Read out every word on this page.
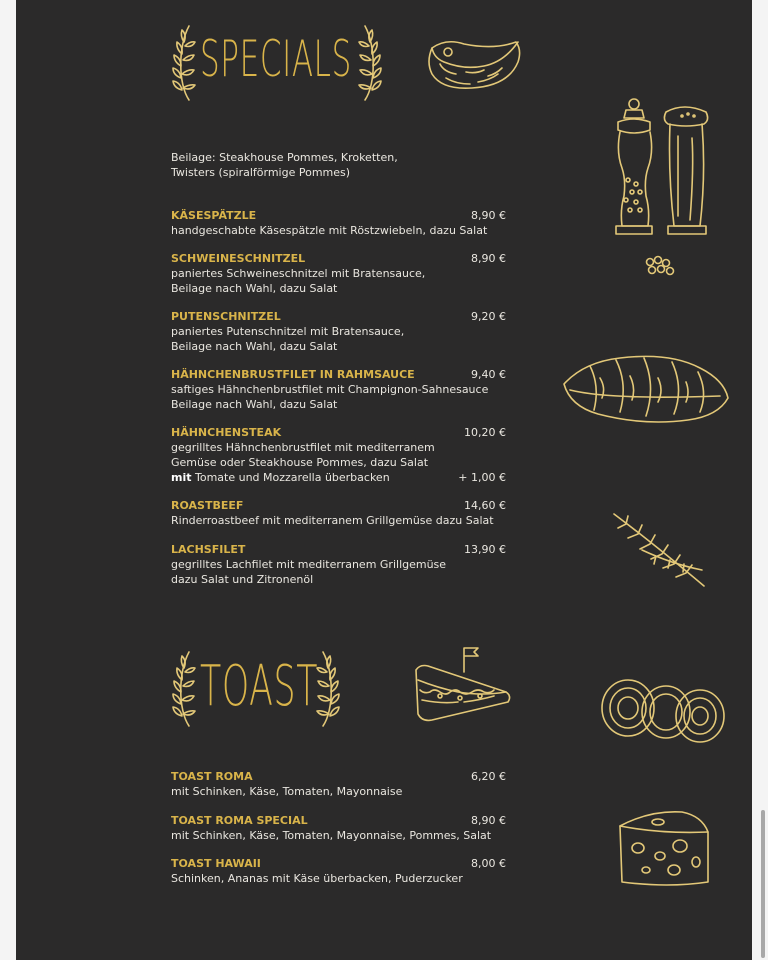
SPECIALS
Beilage: Steakhouse Pommes, Kroketten,
Twisters (spiralförmige Pommes)
KÄSESPÄTZLE	8,90 €
handgeschabte Käsespätzle mit Röstzwiebeln, dazu Salat
SCHWEINESCHNITZEL	8,90 €
paniertes Schweineschnitzel mit Bratensauce,
Beilage nach Wahl, dazu Salat
PUTENSCHNITZEL	9,20 €
paniertes Putenschnitzel mit Bratensauce,
Beilage nach Wahl, dazu Salat
HÄHNCHENBRUSTFILET IN RAHMSAUCE	9,40 €
saftiges Hähnchenbrustfilet mit Champignon-Sahnesauce
Beilage nach Wahl, dazu Salat
HÄHNCHENSTEAK	10,20 €
gegrilltes Hähnchenbrustfilet mit mediterranem
Gemüse oder Steakhouse Pommes, dazu Salat
mit Tomate und Mozzarella überbacken	+ 1,00 €
ROASTBEEF	14,60 €
Rinderroastbeef mit mediterranem Grillgemüse dazu Salat
LACHSFILET	13,90 €
gegrilltes Lachfilet mit mediterranem Grillgemüse
dazu Salat und Zitronenöl
TOAST
TOAST ROMA	6,20 €
mit Schinken, Käse, Tomaten, Mayonnaise
TOAST ROMA SPECIAL	8,90 €
mit Schinken, Käse, Tomaten, Mayonnaise, Pommes, Salat
TOAST HAWAII	8,00 €
Schinken, Ananas mit Käse überbacken, Puderzucker
